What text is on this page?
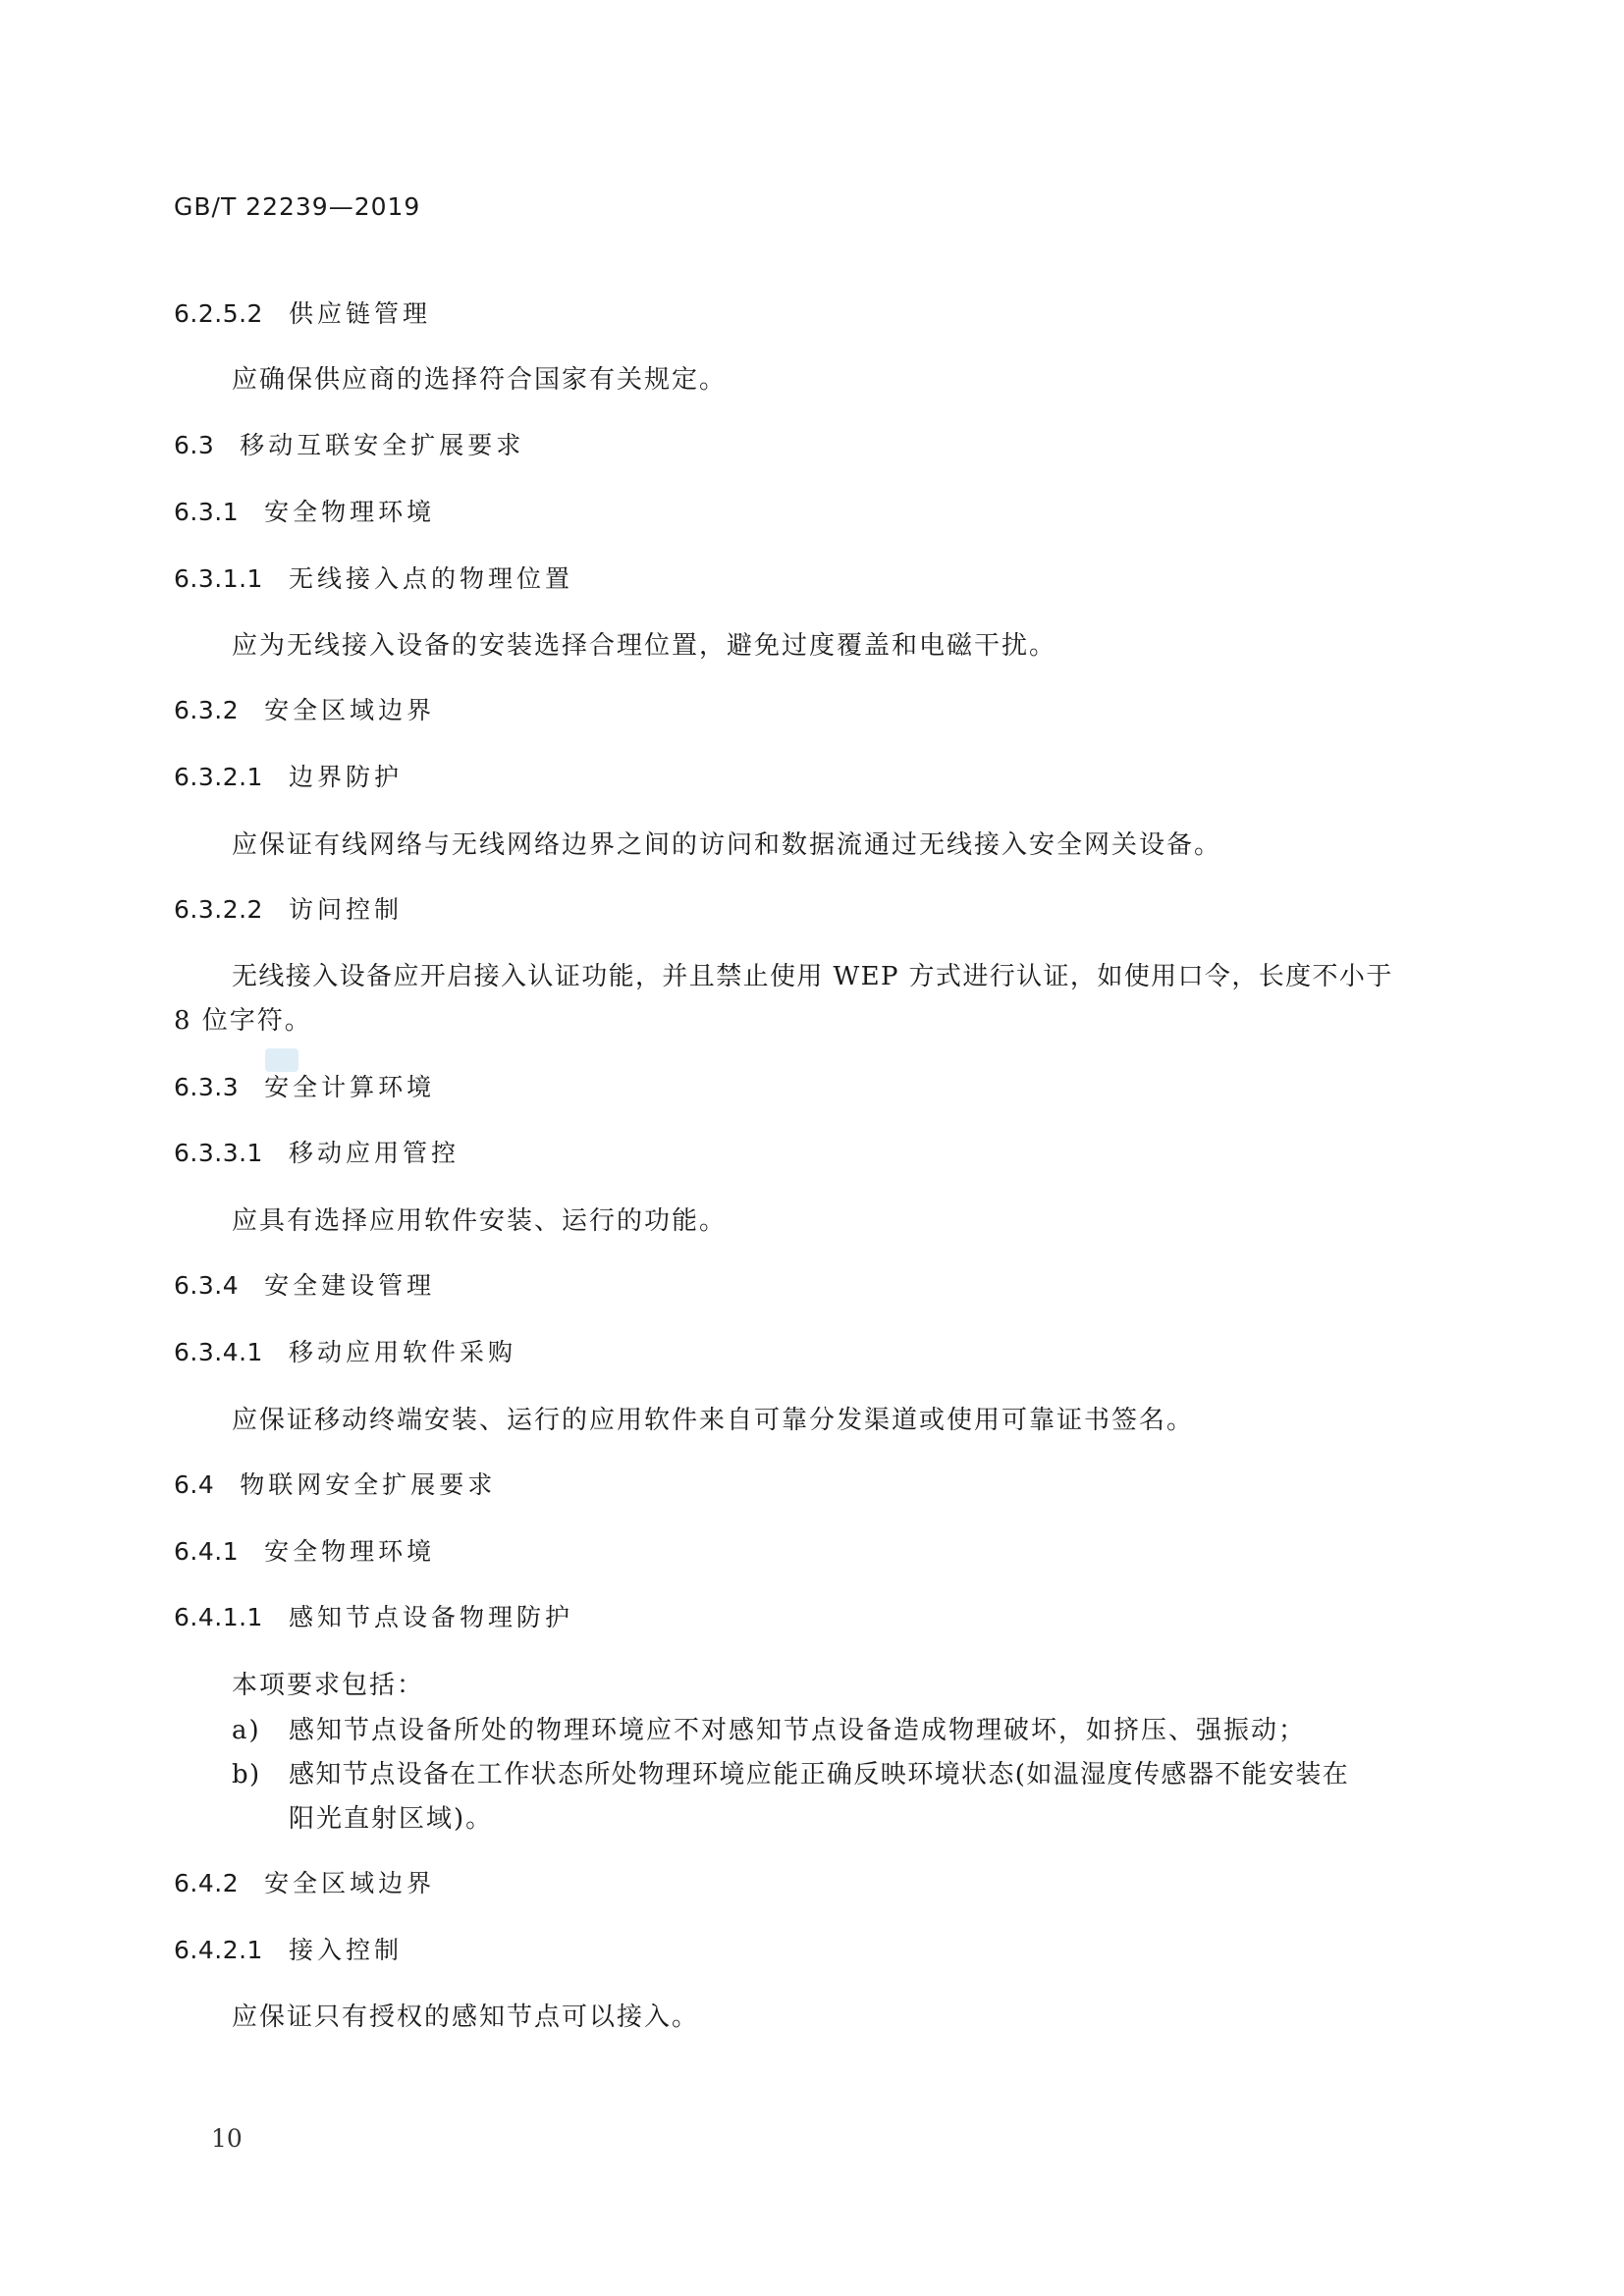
GB/T 22239—2019
6.2.5.2 供应链管理
应确保供应商的选择符合国家有关规定。
6.3 移动互联安全扩展要求
6.3.1 安全物理环境
6.3.1.1 无线接入点的物理位置
应为无线接入设备的安装选择合理位置，避免过度覆盖和电磁干扰。
6.3.2 安全区域边界
6.3.2.1 边界防护
应保证有线网络与无线网络边界之间的访问和数据流通过无线接入安全网关设备。
6.3.2.2 访问控制
无线接入设备应开启接入认证功能，并且禁止使用 WEP 方式进行认证，如使用口令，长度不小于
8 位字符。
6.3.3 安全计算环境
6.3.3.1 移动应用管控
应具有选择应用软件安装、运行的功能。
6.3.4 安全建设管理
6.3.4.1 移动应用软件采购
应保证移动终端安装、运行的应用软件来自可靠分发渠道或使用可靠证书签名。
6.4 物联网安全扩展要求
6.4.1 安全物理环境
6.4.1.1 感知节点设备物理防护
本项要求包括：
a) 感知节点设备所处的物理环境应不对感知节点设备造成物理破坏，如挤压、强振动；
b) 感知节点设备在工作状态所处物理环境应能正确反映环境状态(如温湿度传感器不能安装在
阳光直射区域)。
6.4.2 安全区域边界
6.4.2.1 接入控制
应保证只有授权的感知节点可以接入。
10
